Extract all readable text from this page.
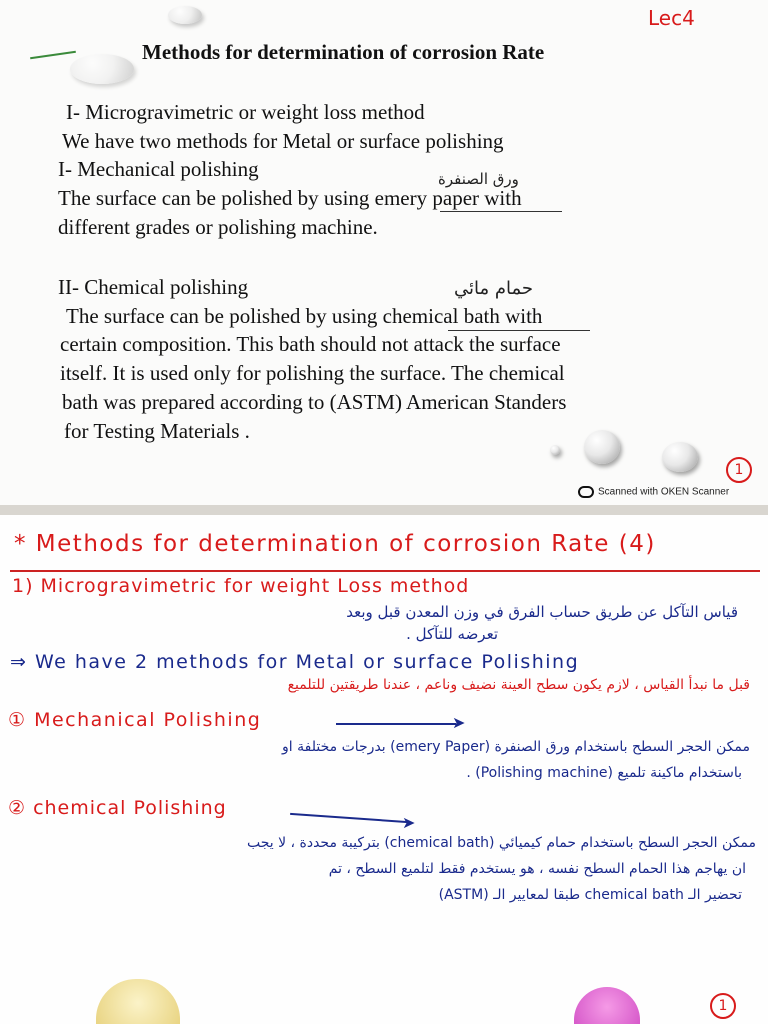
Lec4
Methods for determination of corrosion Rate
I- Microgravimetric or weight loss method
We have two methods for Metal or surface polishing
I- Mechanical polishing	ورق الصنفرة
The surface can be polished by using emery paper with
different grades or polishing machine.
II- Chemical polishing	حمام مائي
The surface can be polished by using chemical bath with
certain composition. This bath should not attack the surface
itself. It is used only for polishing the surface. The chemical
bath was prepared according to (ASTM) American Standers
for Testing Materials .
1
Scanned with OKEN Scanner
* Methods for determination of corrosion Rate (4)
1) Microgravimetric for weight Loss method
قياس التآكل عن طريق حساب الفرق في وزن المعدن قبل وبعد
تعرضه للتآكل .
⇒ We have 2 methods for Metal or surface Polishing
قبل ما نبدأ القياس ، لازم يكون سطح العينة نضيف وناعم ، عندنا طريقتين للتلميع
① Mechanical Polishing	➤
ممكن الحجر السطح باستخدام ورق الصنفرة (emery Paper) بدرجات مختلفة او
باستخدام ماكينة تلميع (Polishing machine) .
② chemical Polishing
➤
ممكن الحجر السطح باستخدام حمام كيميائي (chemical bath) بتركيبة محددة ، لا يجب
ان يهاجم هذا الحمام السطح نفسه ، هو يستخدم فقط لتلميع السطح ، تم
تحضير الـ chemical bath طبقا لمعايير الـ (ASTM)
1
